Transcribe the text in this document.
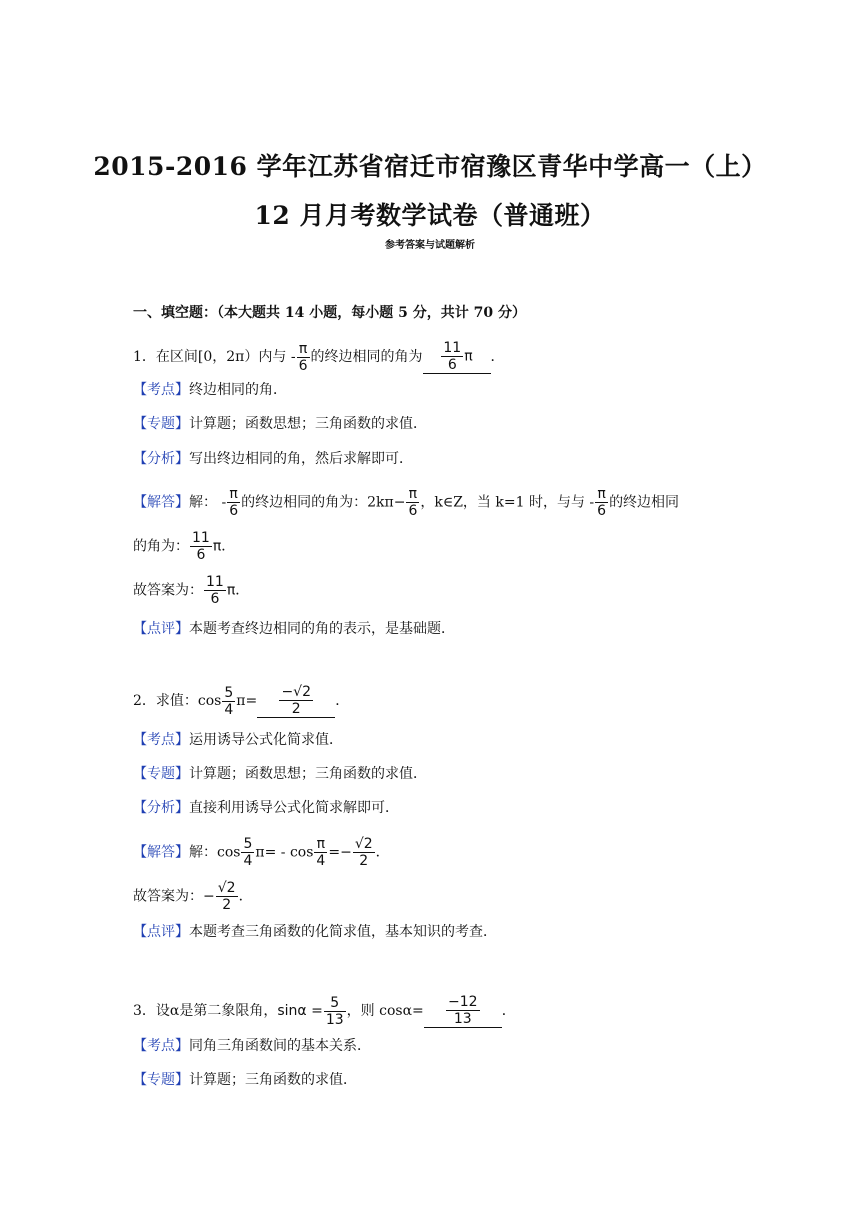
2015-2016 学年江苏省宿迁市宿豫区青华中学高一（上）
12 月月考数学试卷（普通班）
参考答案与试题解析
一、填空题：（本大题共 14 小题，每小题 5 分，共计 70 分）
1．在区间[0，2π）内与 - $\frac{\pi}{6}$ 的终边相同的角为 $\frac{11}{6}$ π ．
【考点】终边相同的角．
【专题】计算题；函数思想；三角函数的求值．
【分析】写出终边相同的角，然后求解即可．
【解答】解： - $\frac{\pi}{6}$ 的终边相同的角为：$2k\pi- \frac{\pi}{6}$ ，k∈Z，当 k=1 时，与与 - $\frac{\pi}{6}$ 的终边相同
的角为： $\frac{11}{6}$ π．
故答案为： $\frac{11}{6}$ π．
【点评】本题考查终边相同的角的表示，是基础题．
2．求值：$\cos \frac{5}{4} \pi= \frac{-√2}{2}$ ．
【考点】运用诱导公式化简求值．
【专题】计算题；函数思想；三角函数的求值．
【分析】直接利用诱导公式化简求解即可．
【解答】解：$\cos \frac{5}{4} \pi= - \cos \frac{\pi}{4} =- \frac{√2}{2}$ ．
故答案为：− $\frac{√2}{2}$ ．
【点评】本题考查三角函数的化简求值，基本知识的考查．
3．设α是第二象限角，$\sin\alpha = \frac{5}{13}$ ，则 $\cos\alpha= \frac{-12}{13}$ ．
【考点】同角三角函数间的基本关系．
【专题】计算题；三角函数的求值．
